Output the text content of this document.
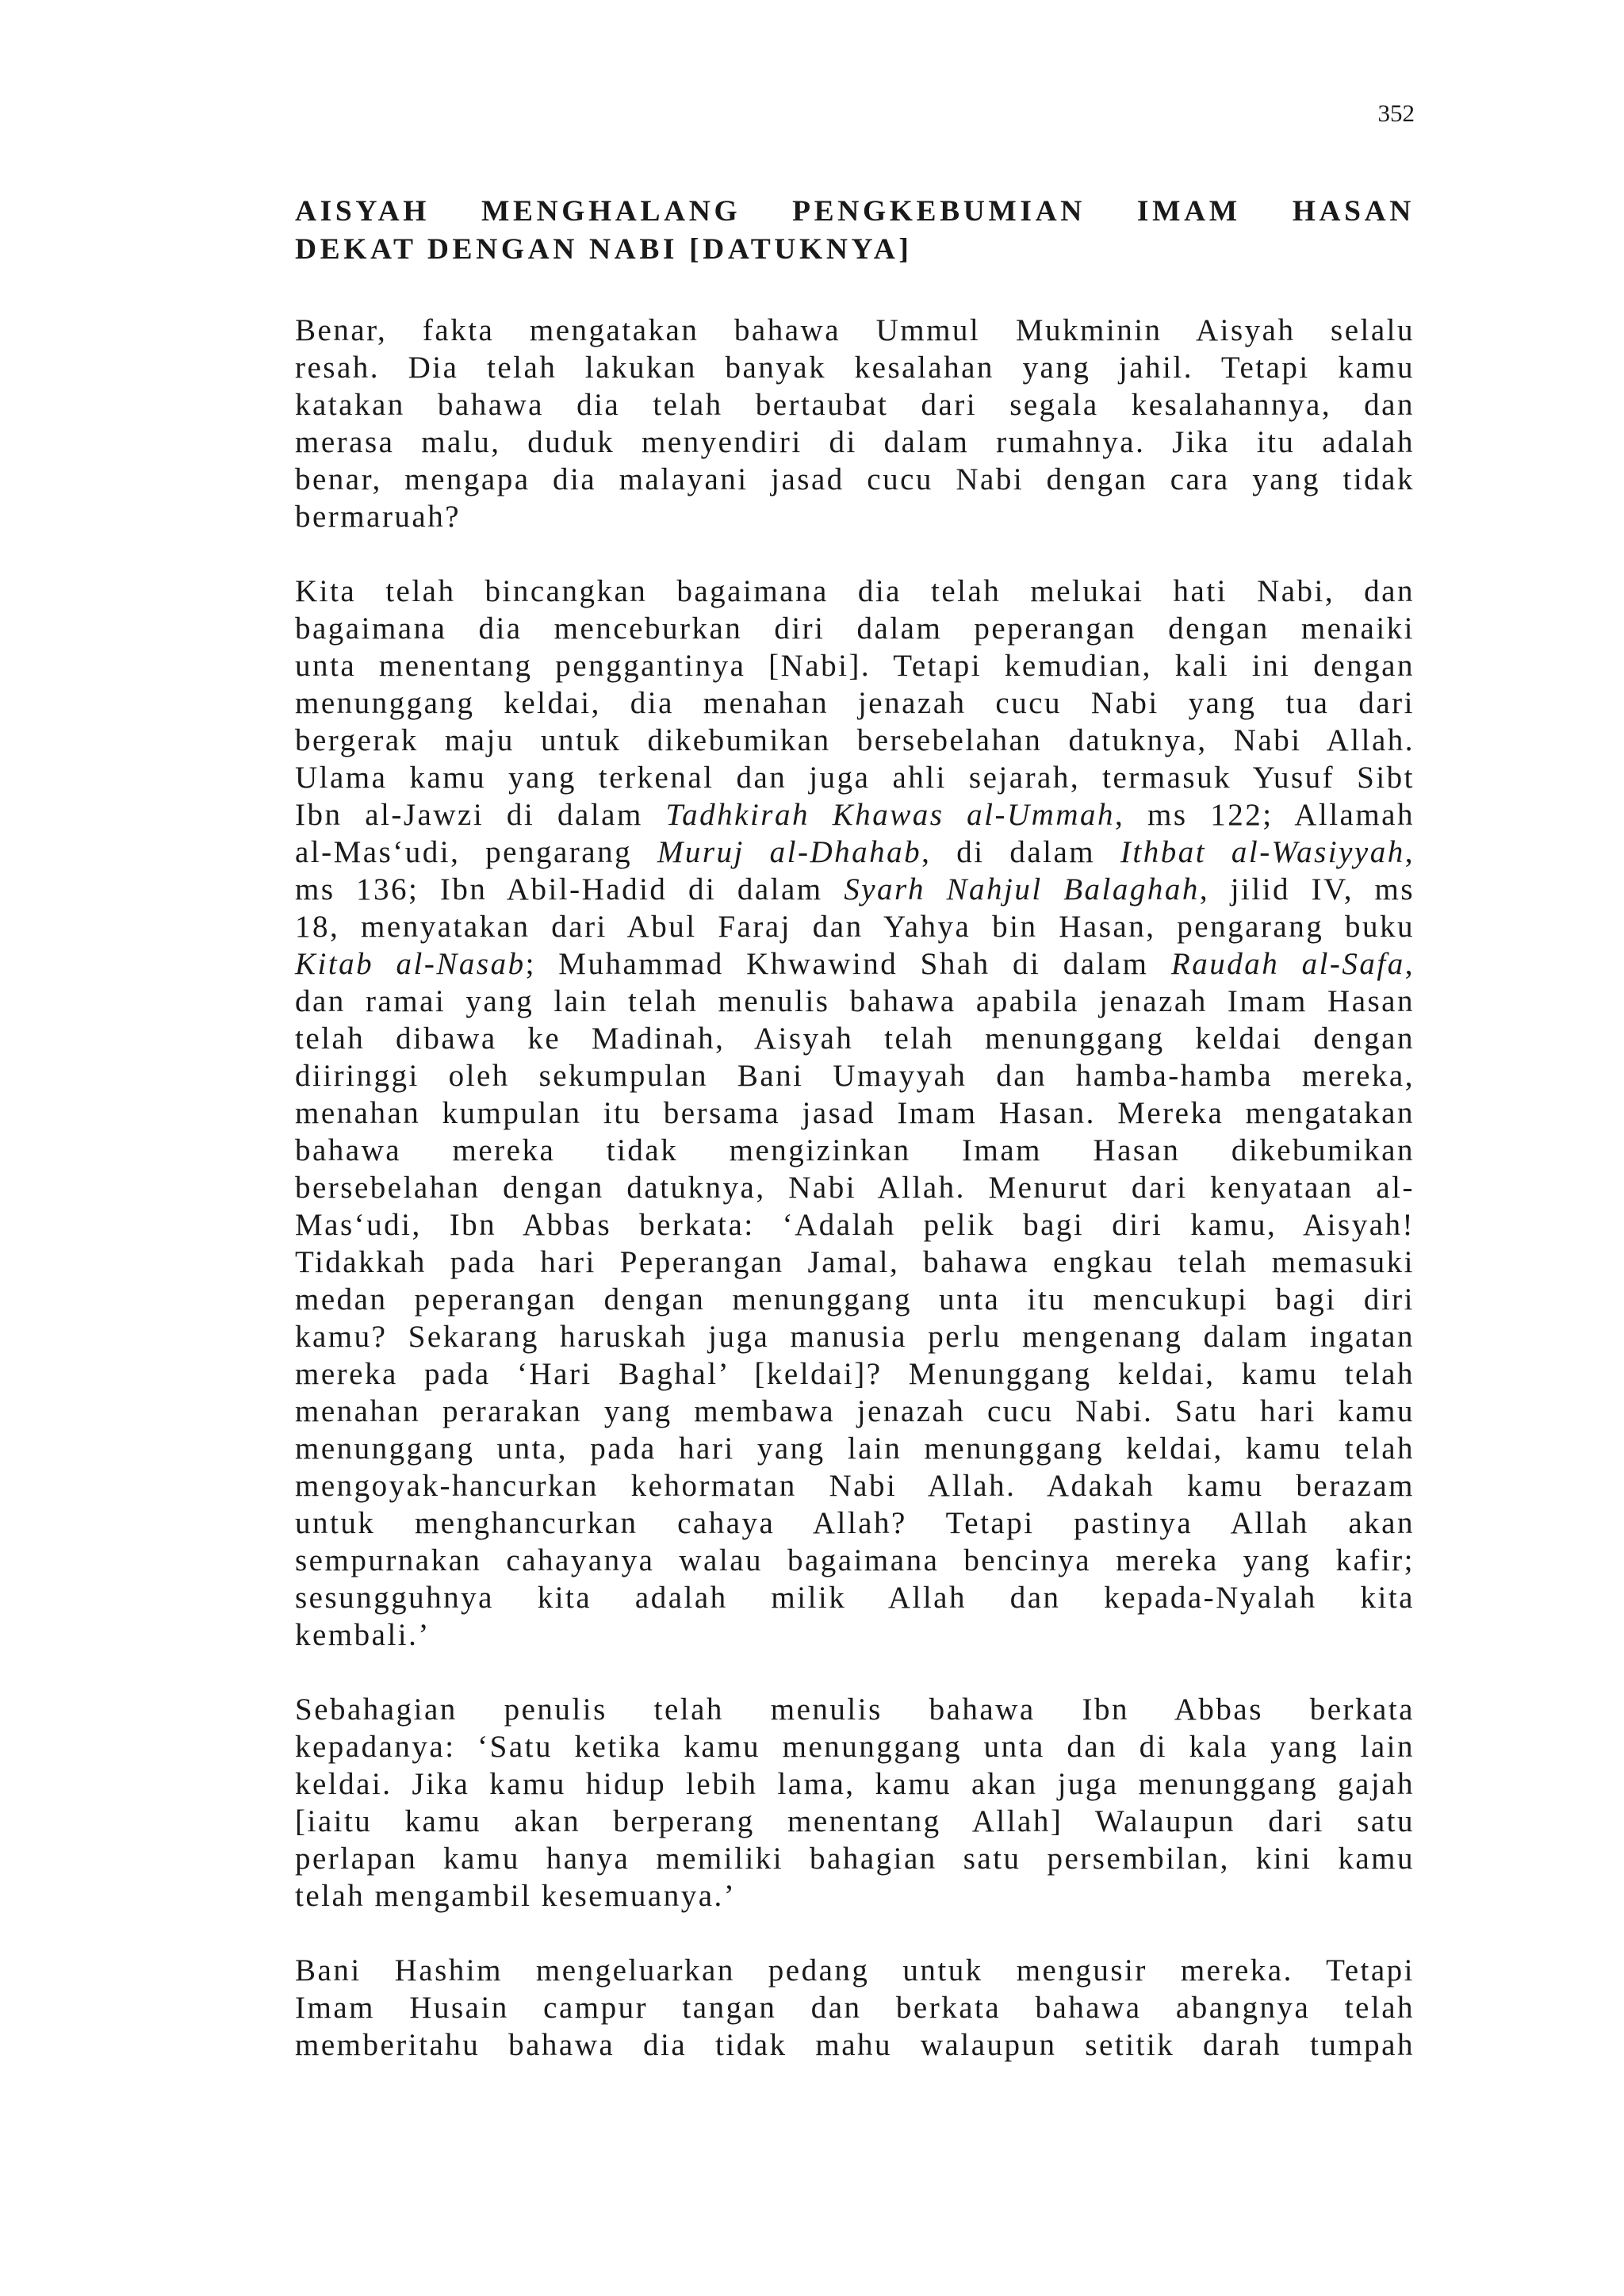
352
AISYAH MENGHALANG PENGKEBUMIAN IMAM HASAN
DEKAT DENGAN NABI [DATUKNYA]

Benar, fakta mengatakan bahawa Ummul Mukminin Aisyah selalu
resah. Dia telah lakukan banyak kesalahan yang jahil. Tetapi kamu
katakan bahawa dia telah bertaubat dari segala kesalahannya, dan
merasa malu, duduk menyendiri di dalam rumahnya. Jika itu adalah
benar, mengapa dia malayani jasad cucu Nabi dengan cara yang tidak
bermaruah?

Kita telah bincangkan bagaimana dia telah melukai hati Nabi, dan
bagaimana dia menceburkan diri dalam peperangan dengan menaiki
unta menentang penggantinya [Nabi]. Tetapi kemudian, kali ini dengan
menunggang keldai, dia menahan jenazah cucu Nabi yang tua dari
bergerak maju untuk dikebumikan bersebelahan datuknya, Nabi Allah.
Ulama kamu yang terkenal dan juga ahli sejarah, termasuk Yusuf Sibt
Ibn al-Jawzi di dalam Tadhkirah Khawas al-Ummah, ms 122; Allamah
al-Mas‘udi, pengarang Muruj al-Dhahab, di dalam Ithbat al-Wasiyyah,
ms 136; Ibn Abil-Hadid di dalam Syarh Nahjul Balaghah, jilid IV, ms
18, menyatakan dari Abul Faraj dan Yahya bin Hasan, pengarang buku
Kitab al-Nasab; Muhammad Khwawind Shah di dalam Raudah al-Safa,
dan ramai yang lain telah menulis bahawa apabila jenazah Imam Hasan
telah dibawa ke Madinah, Aisyah telah menunggang keldai dengan
diiringgi oleh sekumpulan Bani Umayyah dan hamba-hamba mereka,
menahan kumpulan itu bersama jasad Imam Hasan. Mereka mengatakan
bahawa mereka tidak mengizinkan Imam Hasan dikebumikan
bersebelahan dengan datuknya, Nabi Allah. Menurut dari kenyataan al-
Mas‘udi, Ibn Abbas berkata: ‘Adalah pelik bagi diri kamu, Aisyah!
Tidakkah pada hari Peperangan Jamal, bahawa engkau telah memasuki
medan peperangan dengan menunggang unta itu mencukupi bagi diri
kamu? Sekarang haruskah juga manusia perlu mengenang dalam ingatan
mereka pada ‘Hari Baghal’ [keldai]? Menunggang keldai, kamu telah
menahan perarakan yang membawa jenazah cucu Nabi. Satu hari kamu
menunggang unta, pada hari yang lain menunggang keldai, kamu telah
mengoyak-hancurkan kehormatan Nabi Allah. Adakah kamu berazam
untuk menghancurkan cahaya Allah? Tetapi pastinya Allah akan
sempurnakan cahayanya walau bagaimana bencinya mereka yang kafir;
sesungguhnya kita adalah milik Allah dan kepada-Nyalah kita
kembali.’

Sebahagian penulis telah menulis bahawa Ibn Abbas berkata
kepadanya: ‘Satu ketika kamu menunggang unta dan di kala yang lain
keldai. Jika kamu hidup lebih lama, kamu akan juga menunggang gajah
[iaitu kamu akan berperang menentang Allah] Walaupun dari satu
perlapan kamu hanya memiliki bahagian satu persembilan, kini kamu
telah mengambil kesemuanya.’

Bani Hashim mengeluarkan pedang untuk mengusir mereka. Tetapi
Imam Husain campur tangan dan berkata bahawa abangnya telah
memberitahu bahawa dia tidak mahu walaupun setitik darah tumpah
